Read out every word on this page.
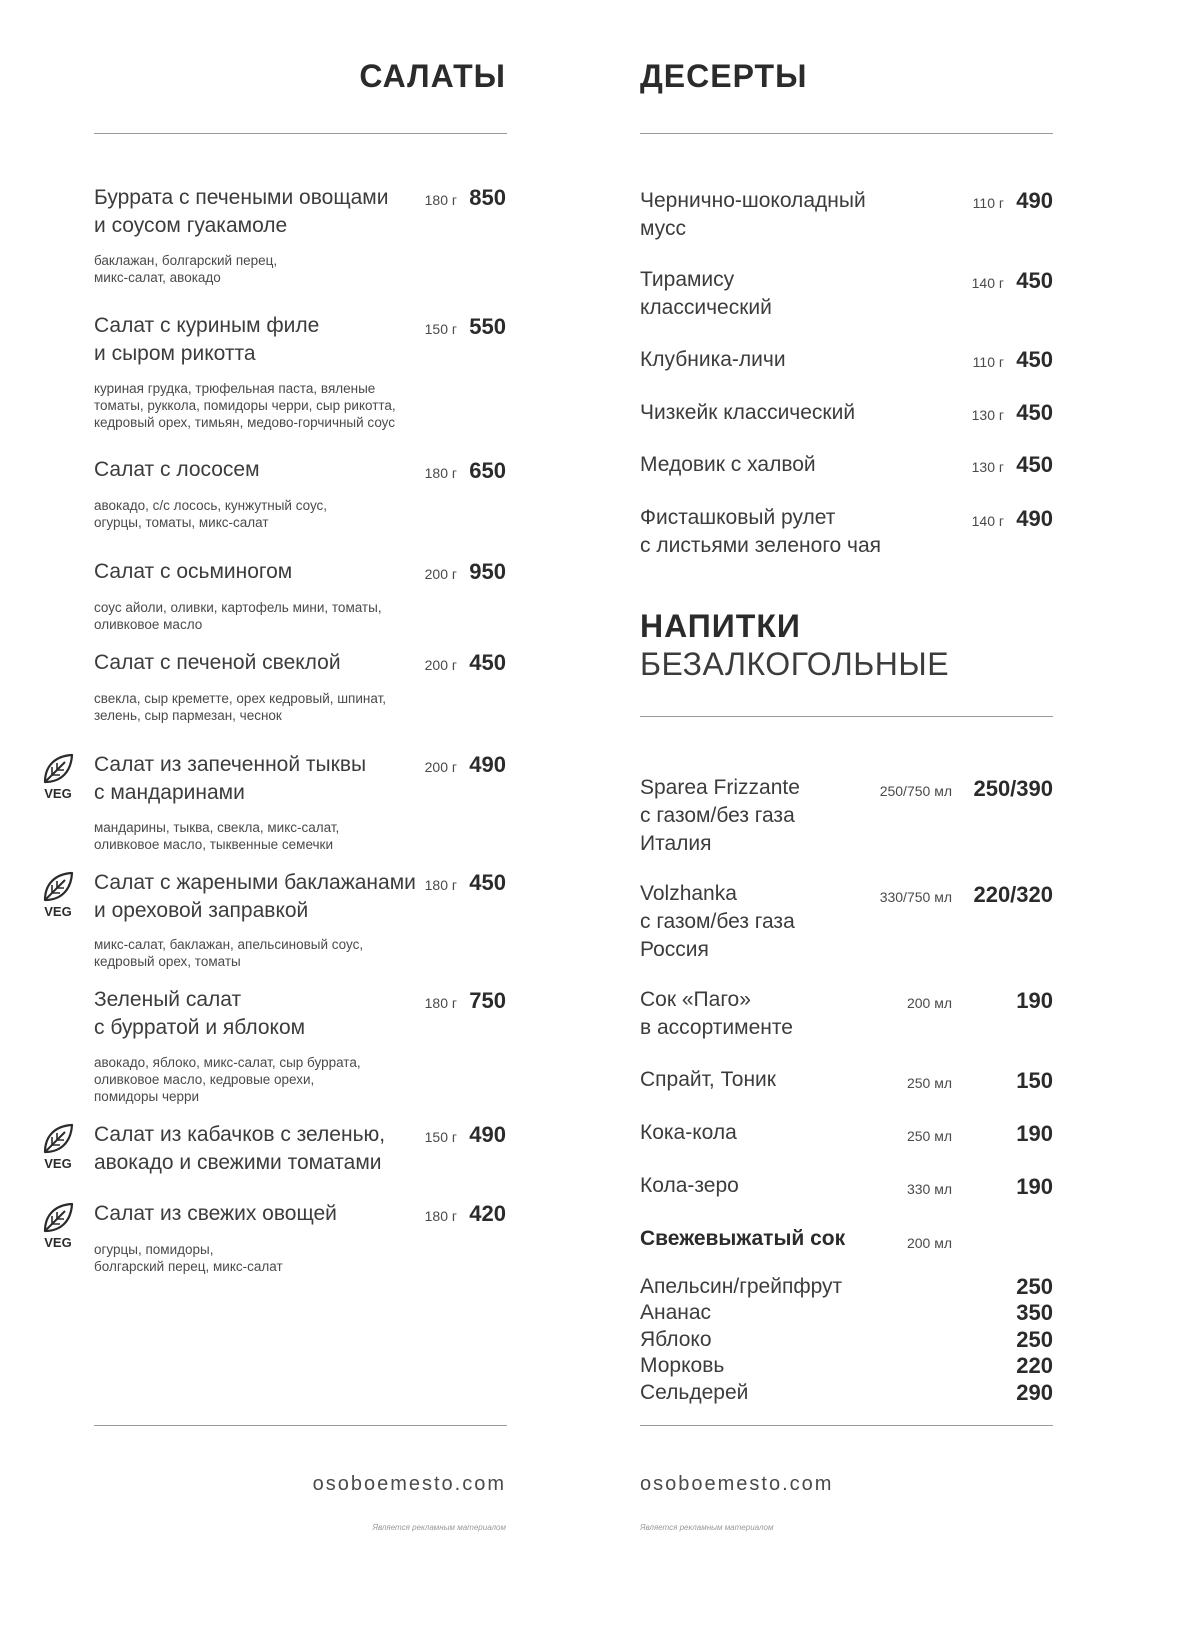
САЛАТЫ
Буррата с печеными овощами
и соусом гуакамоле
180 г 850
баклажан, болгарский перец,
микс-салат, авокадо
Салат с куриным филе
и сыром рикотта
150 г 550
куриная грудка, трюфельная паста, вяленые
томаты, руккола, помидоры черри, сыр рикотта,
кедровый орех, тимьян, медово-горчичный соус
Салат с лососем	180 г 650
авокадо, с/с лосось, кунжутный соус,
огурцы, томаты, микс-салат
Салат с осьминогом	200 г 950
соус айоли, оливки, картофель мини, томаты,
оливковое масло
Салат с печеной свеклой	200 г 450
свекла, сыр креметте, орех кедровый, шпинат,
зелень, сыр пармезан, чеснок
VEG
Салат из запеченной тыквы
с мандаринами
200 г 490
мандарины, тыква, свекла, микс-салат,
оливковое масло, тыквенные семечки
VEG
Салат с жареными баклажанами
и ореховой заправкой
180 г 450
микс-салат, баклажан, апельсиновый соус,
кедровый орех, томаты
Зеленый салат
с бурратой и яблоком
180 г 750
авокадо, яблоко, микс-салат, сыр буррата,
оливковое масло, кедровые орехи,
помидоры черри
VEG
Салат из кабачков с зеленью,
авокадо и свежими томатами
150 г 490
VEG
Салат из свежих овощей	180 г 420
огурцы, помидоры,
болгарский перец, микс-салат
osoboemesto.com
Является рекламным материалом
ДЕСЕРТЫ
Чернично-шоколадный
мусс
110 г 490
Тирамису
классический
140 г 450
Клубника-личи	110 г 450
Чизкейк классический	130 г 450
Медовик с халвой	130 г 450
Фисташковый рулет
с листьями зеленого чая
140 г 490
НАПИТКИ
БЕЗАЛКОГОЛЬНЫЕ
Sparea Frizzante
с газом/без газа
Италия
250/750 мл 250/390
Volzhanka
с газом/без газа
Россия
330/750 мл 220/320
Сок «Паго»
в ассортименте
200 мл	190
Спрайт, Тоник	250 мл	150
Кока-кола	250 мл	190
Кола-зеро	330 мл	190
Свежевыжатый сок	200 мл
Апельсин/грейпфрут	250
Ананас	350
Яблоко	250
Морковь	220
Сельдерей	290
osoboemesto.com
Является рекламным материалом
